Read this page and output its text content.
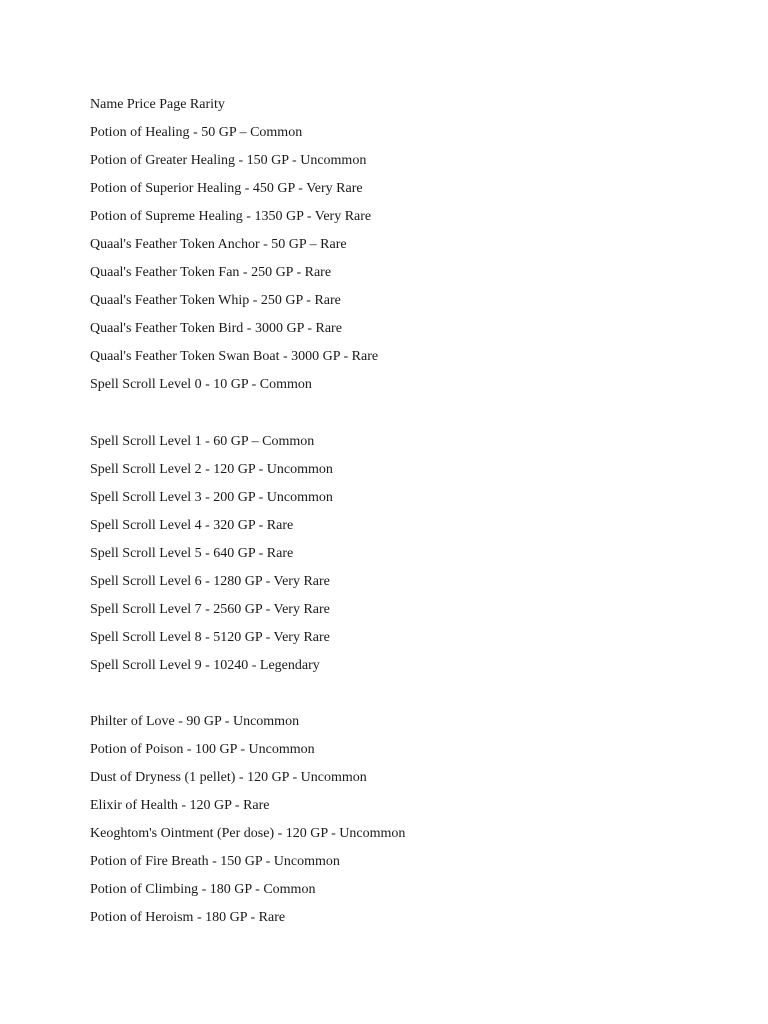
Name Price Page Rarity
Potion of Healing - 50 GP – Common
Potion of Greater Healing - 150 GP - Uncommon
Potion of Superior Healing - 450 GP - Very Rare
Potion of Supreme Healing - 1350 GP - Very Rare
Quaal's Feather Token Anchor - 50 GP – Rare
Quaal's Feather Token Fan - 250 GP - Rare
Quaal's Feather Token Whip - 250 GP - Rare
Quaal's Feather Token Bird - 3000 GP - Rare
Quaal's Feather Token Swan Boat - 3000 GP - Rare
Spell Scroll Level 0 - 10 GP - Common
Spell Scroll Level 1 - 60 GP – Common
Spell Scroll Level 2 - 120 GP - Uncommon
Spell Scroll Level 3 - 200 GP - Uncommon
Spell Scroll Level 4 - 320 GP - Rare
Spell Scroll Level 5 - 640 GP - Rare
Spell Scroll Level 6 - 1280 GP - Very Rare
Spell Scroll Level 7 - 2560 GP - Very Rare
Spell Scroll Level 8 - 5120 GP - Very Rare
Spell Scroll Level 9 - 10240 - Legendary
Philter of Love - 90 GP - Uncommon
Potion of Poison - 100 GP - Uncommon
Dust of Dryness (1 pellet) - 120 GP - Uncommon
Elixir of Health - 120 GP - Rare
Keoghtom's Ointment (Per dose) - 120 GP - Uncommon
Potion of Fire Breath - 150 GP - Uncommon
Potion of Climbing - 180 GP - Common
Potion of Heroism - 180 GP - Rare
